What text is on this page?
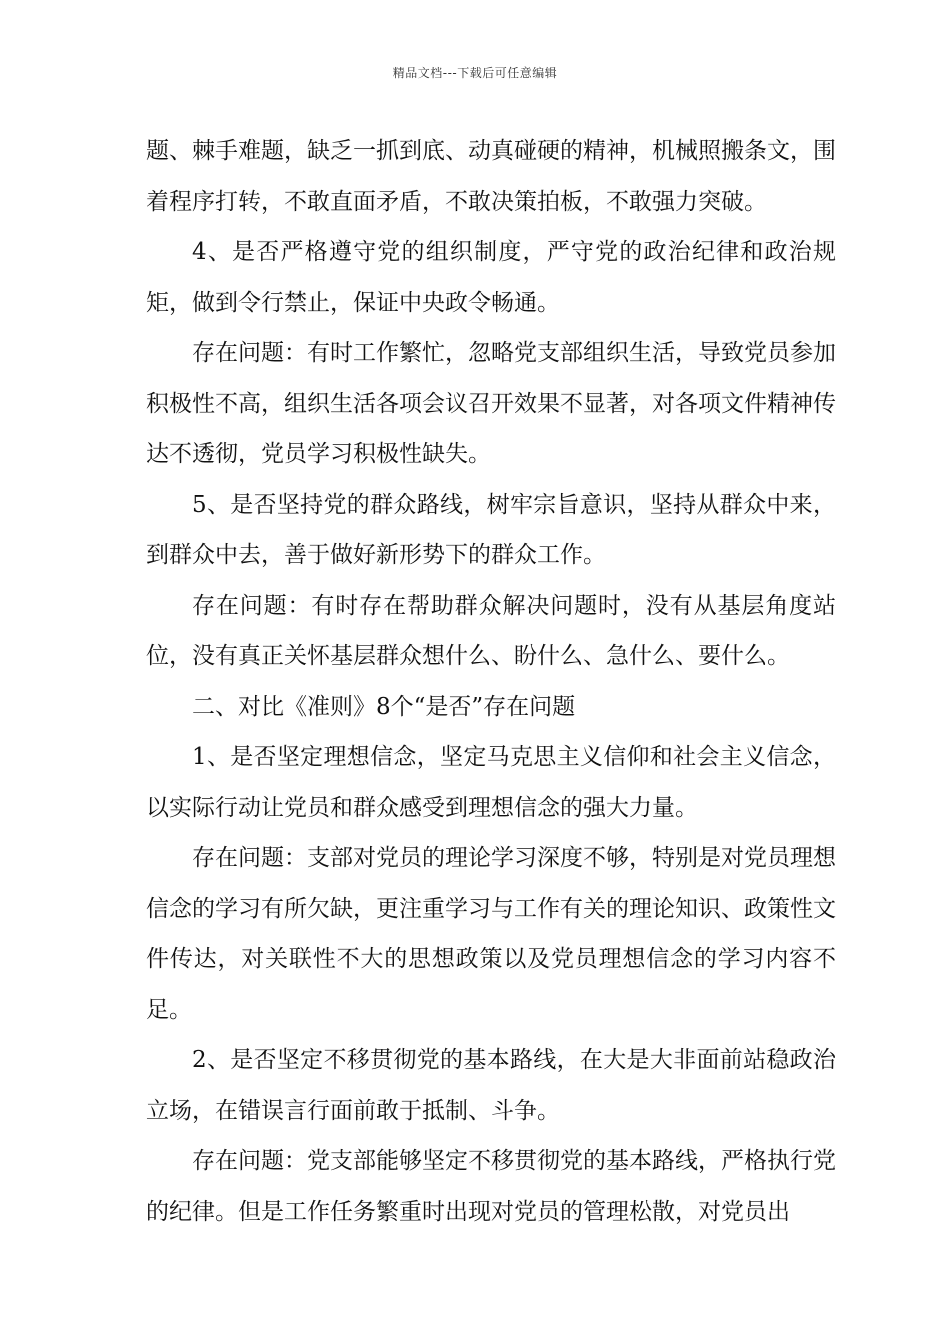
精品文档---下载后可任意编辑

题、棘手难题，缺乏一抓到底、动真碰硬的精神，机械照搬条文，围着程序打转，不敢直面矛盾，不敢决策拍板，不敢强力突破。

4、是否严格遵守党的组织制度，严守党的政治纪律和政治规矩，做到令行禁止，保证中央政令畅通。

存在问题：有时工作繁忙，忽略党支部组织生活，导致党员参加积极性不高，组织生活各项会议召开效果不显著，对各项文件精神传达不透彻，党员学习积极性缺失。

5、是否坚持党的群众路线，树牢宗旨意识，坚持从群众中来，到群众中去，善于做好新形势下的群众工作。

存在问题：有时存在帮助群众解决问题时，没有从基层角度站位，没有真正关怀基层群众想什么、盼什么、急什么、要什么。

二、对比《准则》8个“是否”存在问题

1、是否坚定理想信念，坚定马克思主义信仰和社会主义信念，以实际行动让党员和群众感受到理想信念的强大力量。

存在问题：支部对党员的理论学习深度不够，特别是对党员理想信念的学习有所欠缺，更注重学习与工作有关的理论知识、政策性文件传达，对关联性不大的思想政策以及党员理想信念的学习内容不足。

2、是否坚定不移贯彻党的基本路线，在大是大非面前站稳政治立场，在错误言行面前敢于抵制、斗争。

存在问题：党支部能够坚定不移贯彻党的基本路线，严格执行党的纪律。但是工作任务繁重时出现对党员的管理松散，对党员出
